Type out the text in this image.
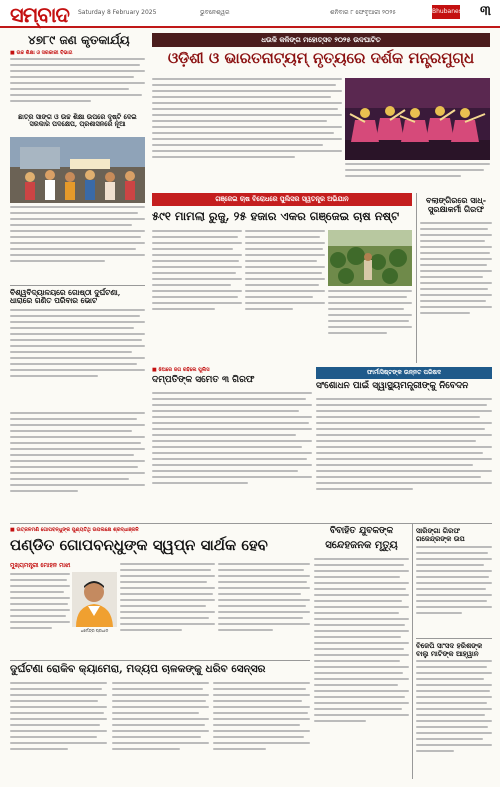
ସମ୍ବାଦ Saturday 8 February 2025	ଭୁବନେଶ୍ୱର	ଶନିବାର ୮ ଫେବୃଆରୀ ୨୦୨୫	Bhubaneswar ୩
୪୭୮୯ ଜଣ କୃତକାର୍ଯ୍ୟ
■ ଉଚ୍ଚ ଶିକ୍ଷା ଓ ସରକାରୀ ବିଭାଗ
ଛାତ୍ର ସାଙ୍ଗ ଓ ଉଚ୍ଚ ଶିକ୍ଷା ଉପରେ ଦୃଷ୍ଟି ଦେଇ ସରକାର ପଦକ୍ଷେପ, ପ୍ରଶାସନରେ ନୂଆ
ବିଶ୍ୱବିଦ୍ୟାଳୟରେ ଗୋଷ୍ଠୀ ଦୁର୍ଘଟଣା, ଧାରାରେ ଗଣିତ ପରିବାର ଭୋଟ
ଧଉଳି କଳିଙ୍ଗ ମହୋତ୍ସବ ୨୦୨୫ ଉଦଘାଟିତ
ଓଡ଼ିଶୀ ଓ ଭାରତନାଟ୍ୟମ୍ ନୃତ୍ୟରେ ଦର୍ଶକ ମନ୍ତ୍ରମୁଗ୍ଧ
ଗଞ୍ଜେଇ ଚାଷ ବିରୋଧରେ ପୁଲିସର ସ୍ୱତନ୍ତ୍ର ଅଭିଯାନ
୫୯୧ ମାମଲା ରୁଜୁ, ୨୫ ହଜାର ଏକର ଗଞ୍ଜେଇ ଚାଷ ନଷ୍ଟ
ବଲାଙ୍ଗିରରେ ସାଧ୍-ସୁରକ୍ଷାକର୍ମୀ ଗିରଫ
■ ଝିଅରେ ଜଗ ରହିଲେ ପୁଲିସ
ଦମ୍ପତିଙ୍କ ସମେତ ୩ ଗିରଫ
ଫାର୍ମାସିଷ୍ଟଙ୍କ ଉନ୍ନତ ପରିଷଦ
ସଂଶୋଧନ ପାଇଁ ସ୍ୱାସ୍ଥ୍ୟମନ୍ତ୍ରୀଙ୍କୁ ନିବେଦନ
■ ଉତ୍କଳମଣି ଗୋପବନ୍ଧୁଙ୍କ ପୁଣ୍ୟତିଥି ଉପଲକ୍ଷେ ଶ୍ରଦ୍ଧାଞ୍ଜଳି
ପଣ୍ଡିତ ଗୋପବନ୍ଧୁଙ୍କ ସ୍ୱପ୍ନ ସାର୍ଥକ ହେବ
ମୁଖ୍ୟମନ୍ତ୍ରୀ ମୋହନ ମାଝୀ
ଧର୍ମେନ୍ଦ୍ର ପ୍ରଧାନ
ବିବାହିତ ଯୁବକଙ୍କ
ସନ୍ଦେହଜନକ ମୃତ୍ୟୁ
ସାରିଙ୍ଗା ଗିରଫ ଗଜେନ୍ଦ୍ରଙ୍କ ଉପ
ବିଜେପି ସାଂସଦ ହରିଶଙ୍କ ବାଲୁ ମାଟିଙ୍କ ଆହ୍ୱାନ
ଦୁର୍ଘଟଣା ରୋକିବ କ୍ୟାମେରା, ମଦ୍ୟପ ଚାଳକଙ୍କୁ ଧରିବ ସେନ୍ସର
